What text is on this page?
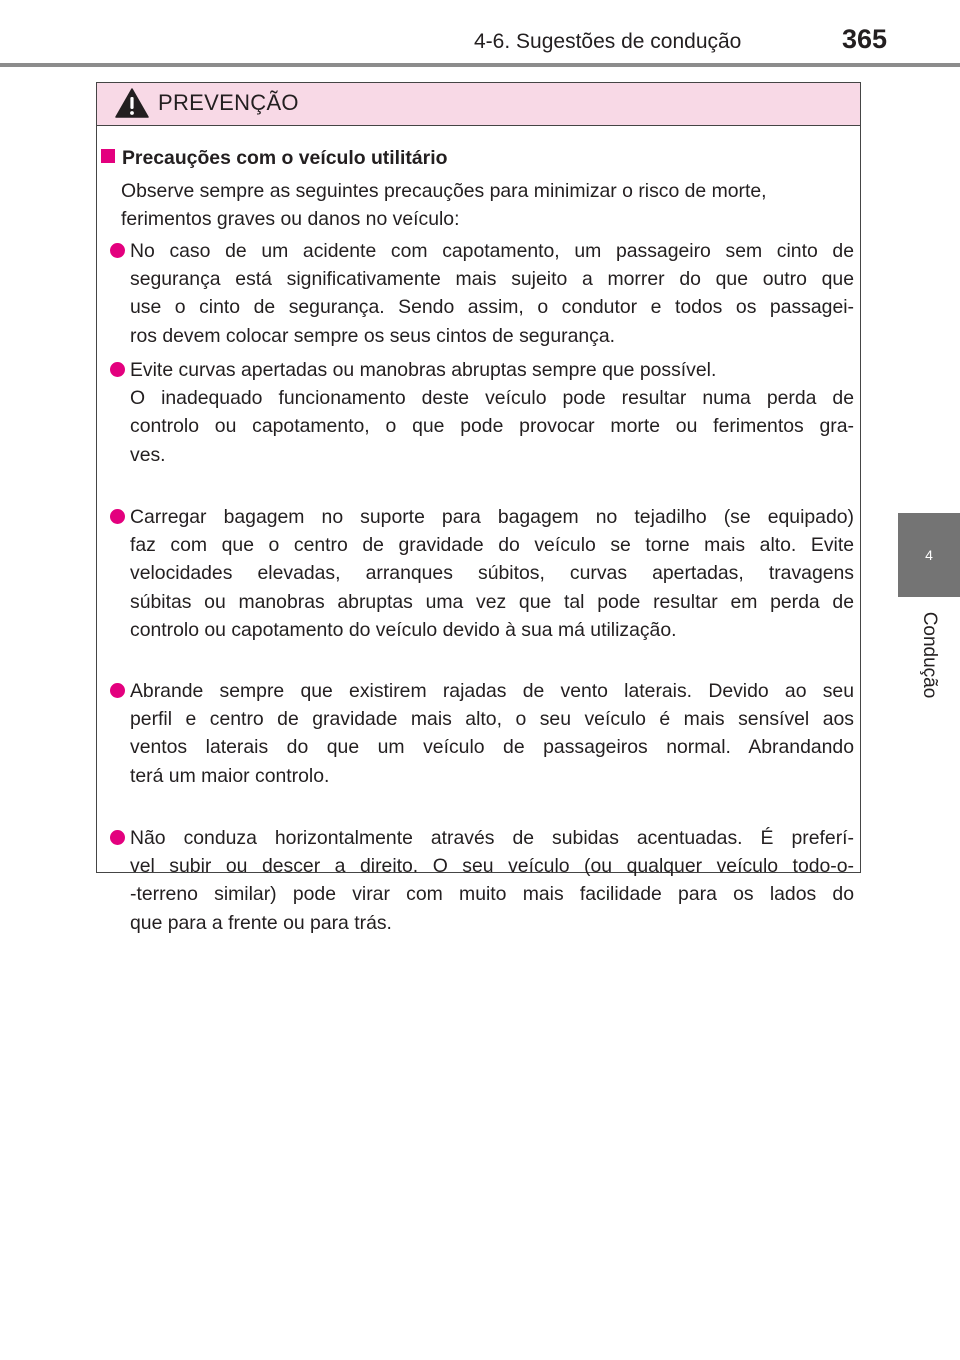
4-6. Sugestões de condução	365
4
Condução
PREVENÇÃO
Precauções com o veículo utilitário
Observe sempre as seguintes precauções para minimizar o risco de morte,
ferimentos graves ou danos no veículo:
No caso de um acidente com capotamento, um passageiro sem cinto de
segurança está significativamente mais sujeito a morrer do que outro que
use o cinto de segurança. Sendo assim, o condutor e todos os passagei-
ros devem colocar sempre os seus cintos de segurança.
Evite curvas apertadas ou manobras abruptas sempre que possível.
O inadequado funcionamento deste veículo pode resultar numa perda de
controlo ou capotamento, o que pode provocar morte ou ferimentos gra-
ves.
Carregar bagagem no suporte para bagagem no tejadilho (se equipado)
faz com que o centro de gravidade do veículo se torne mais alto. Evite
velocidades elevadas, arranques súbitos, curvas apertadas, travagens
súbitas ou manobras abruptas uma vez que tal pode resultar em perda de
controlo ou capotamento do veículo devido à sua má utilização.
Abrande sempre que existirem rajadas de vento laterais. Devido ao seu
perfil e centro de gravidade mais alto, o seu veículo é mais sensível aos
ventos laterais do que um veículo de passageiros normal. Abrandando
terá um maior controlo.
Não conduza horizontalmente através de subidas acentuadas. É preferí-
vel subir ou descer a direito. O seu veículo (ou qualquer veículo todo-o-
-terreno similar) pode virar com muito mais facilidade para os lados do
que para a frente ou para trás.
